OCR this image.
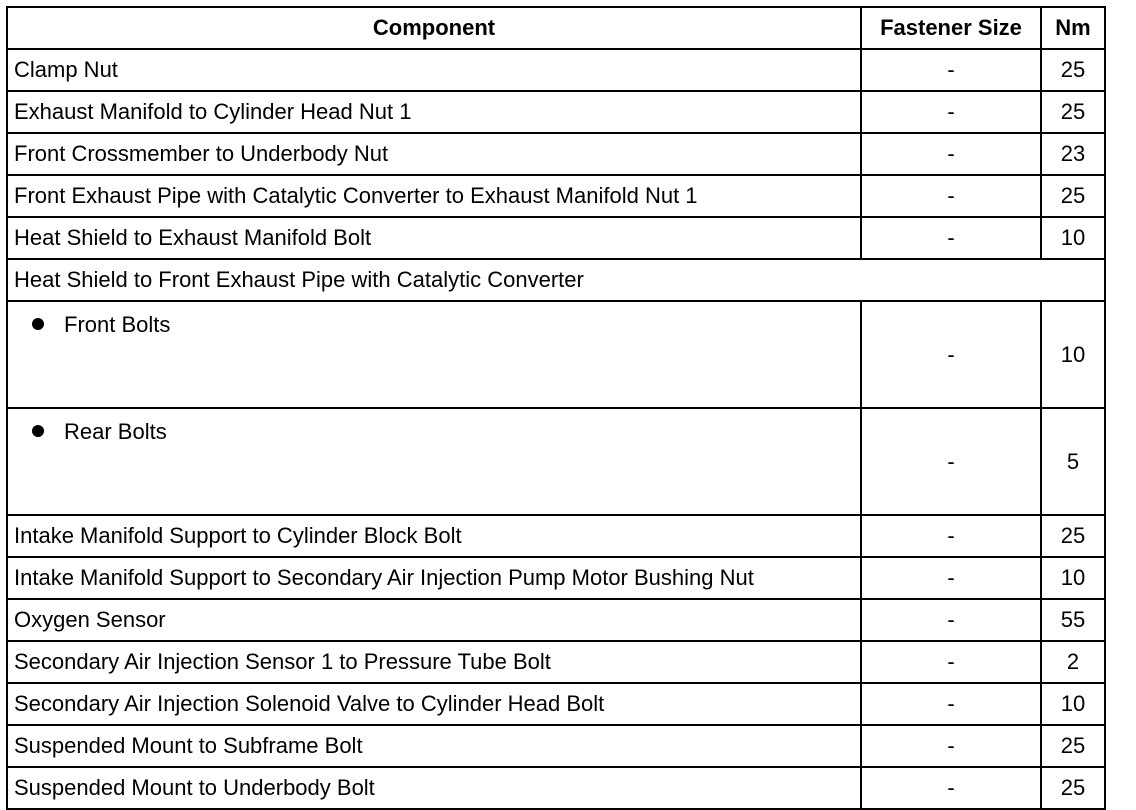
Component	Fastener Size	Nm
Clamp Nut	-	25
Exhaust Manifold to Cylinder Head Nut 1	-	25
Front Crossmember to Underbody Nut	-	23
Front Exhaust Pipe with Catalytic Converter to Exhaust Manifold Nut 1	-	25
Heat Shield to Exhaust Manifold Bolt	-	10
Heat Shield to Front Exhaust Pipe with Catalytic Converter		
Front Bolts	-	10
Rear Bolts	-	5
Intake Manifold Support to Cylinder Block Bolt	-	25
Intake Manifold Support to Secondary Air Injection Pump Motor Bushing Nut	-	10
Oxygen Sensor	-	55
Secondary Air Injection Sensor 1 to Pressure Tube Bolt	-	2
Secondary Air Injection Solenoid Valve to Cylinder Head Bolt	-	10
Suspended Mount to Subframe Bolt	-	25
Suspended Mount to Underbody Bolt	-	25
